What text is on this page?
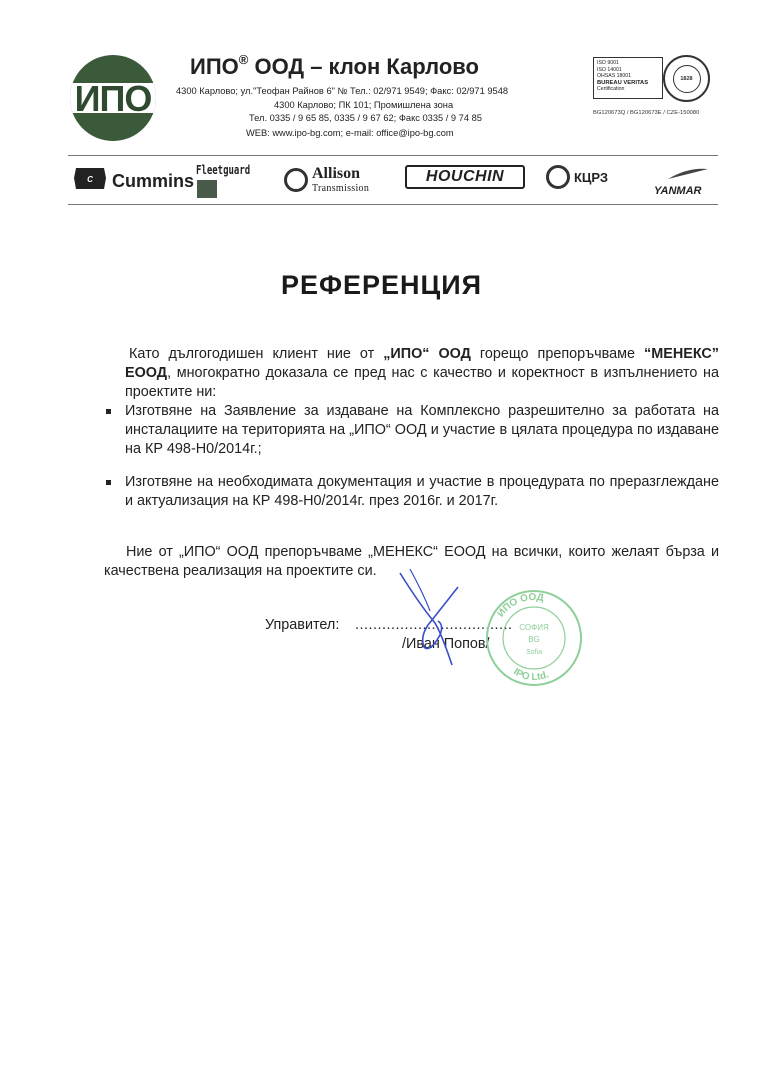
ИПО
ИПО® ООД – клон Карлово
4300 Карлово; ул."Теофан Райнов 6" № Тел.: 02/971 9549; Факс: 02/971 9548
4300 Карлово; ПК 101; Промишлена зона
Тел. 0335 / 9 65 85, 0335 / 9 67 62; Факс 0335 / 9 74 85
WEB: www.ipo-bg.com; e-mail: office@ipo-bg.com
ISO 9001
ISO 14001
OHSAS 18001
BUREAU VERITAS
Certification
1828
BG120673Q / BG120673E / CZE-150080
C Cummins
Fleetguard	Allison
Transmission
HOUCHIN	КЦРЗ
YANMAR
РЕФЕРЕНЦИЯ
Като дългогодишен клиент ние от „ИПО“ ООД горещо препоръчваме “МЕНЕКС” ЕООД, многократно доказала се пред нас с качество и коректност в изпълнението на проектите ни:
Изготвяне на Заявление за издаване на Комплексно разрешително за работата на инсталациите на територията на „ИПО“ ООД и участие в цялата процедура по издаване на КР 498-Н0/2014г.;
Изготвяне на необходимата документация и участие в процедурата по преразглеждане и актуализация на КР 498-Н0/2014г. през 2016г. и 2017г.
Ние от „ИПО“ ООД препоръчваме „МЕНЕКС“ ЕООД на всички, които желаят бърза и качествена реализация на проектите си.
Управител: ...................................
/Иван Попов/
ИПО ООД
IPO Ltd.
СОФИЯ
BG
Sofia
